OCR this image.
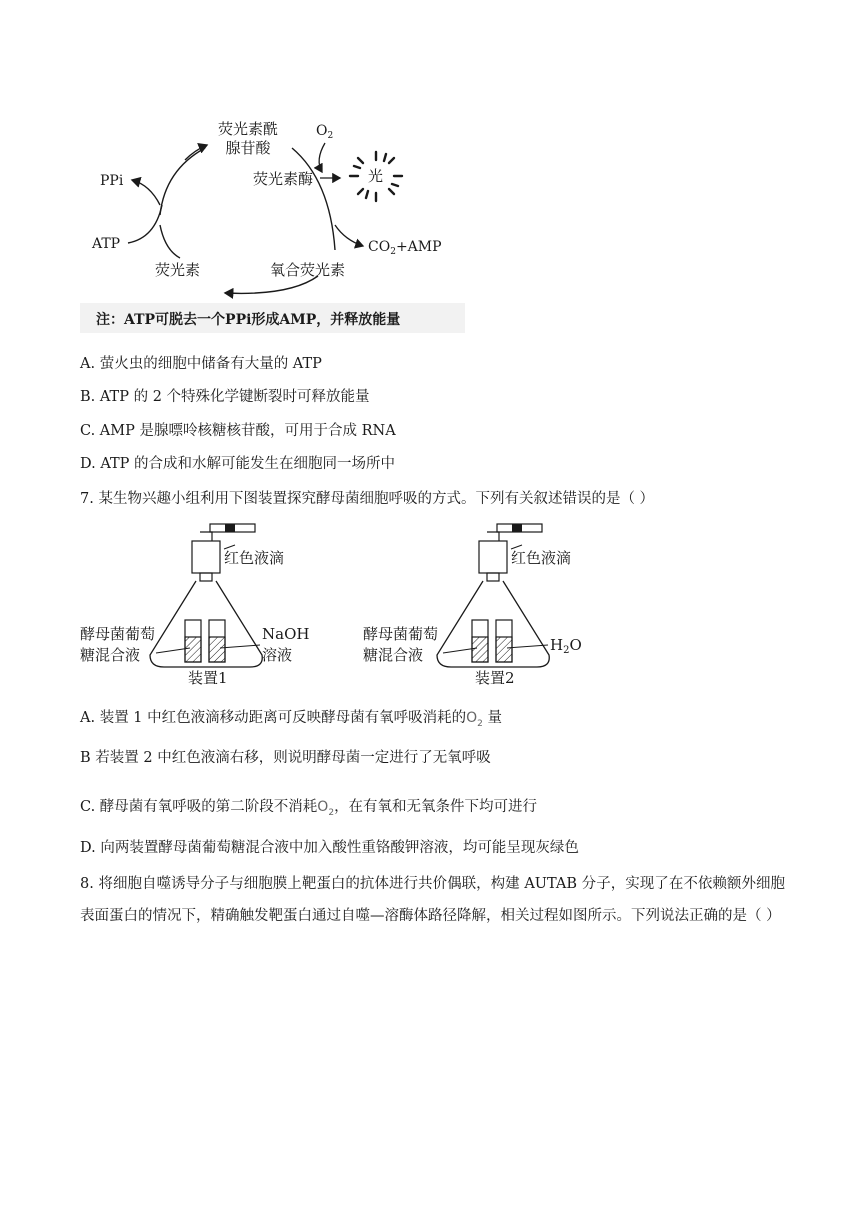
荧光素酰
腺苷酸
$O_2$
荧光素酶	光
PPi
ATP	$CO_2+AMP$
荧光素	氧合荧光素
注：ATP可脱去一个PPi形成AMP，并释放能量
A. 萤火虫的细胞中储备有大量的 ATP
B. ATP 的 2 个特殊化学键断裂时可释放能量
C. AMP 是腺嘌呤核糖核苷酸，可用于合成 RNA
D. ATP 的合成和水解可能发生在细胞同一场所中
7. 某生物兴趣小组利用下图装置探究酵母菌细胞呼吸的方式。下列有关叙述错误的是（ ）
红色液滴	红色液滴
酵母菌葡萄
糖混合液
酵母菌葡萄
糖混合液
NaOH
溶液
$H_2O$
装置1	装置2
A. 装置 1 中红色液滴移动距离可反映酵母菌有氧呼吸消耗的$O_2$ 量
B 若装置 2 中红色液滴右移，则说明酵母菌一定进行了无氧呼吸
C. 酵母菌有氧呼吸的第二阶段不消耗$O_2$，在有氧和无氧条件下均可进行
D. 向两装置酵母菌葡萄糖混合液中加入酸性重铬酸钾溶液，均可能呈现灰绿色
8. 将细胞自噬诱导分子与细胞膜上靶蛋白的抗体进行共价偶联，构建 AUTAB 分子，实现了在不依赖额外细胞表面蛋白的情况下，精确触发靶蛋白通过自噬—溶酶体路径降解，相关过程如图所示。下列说法正确的是（ ）
